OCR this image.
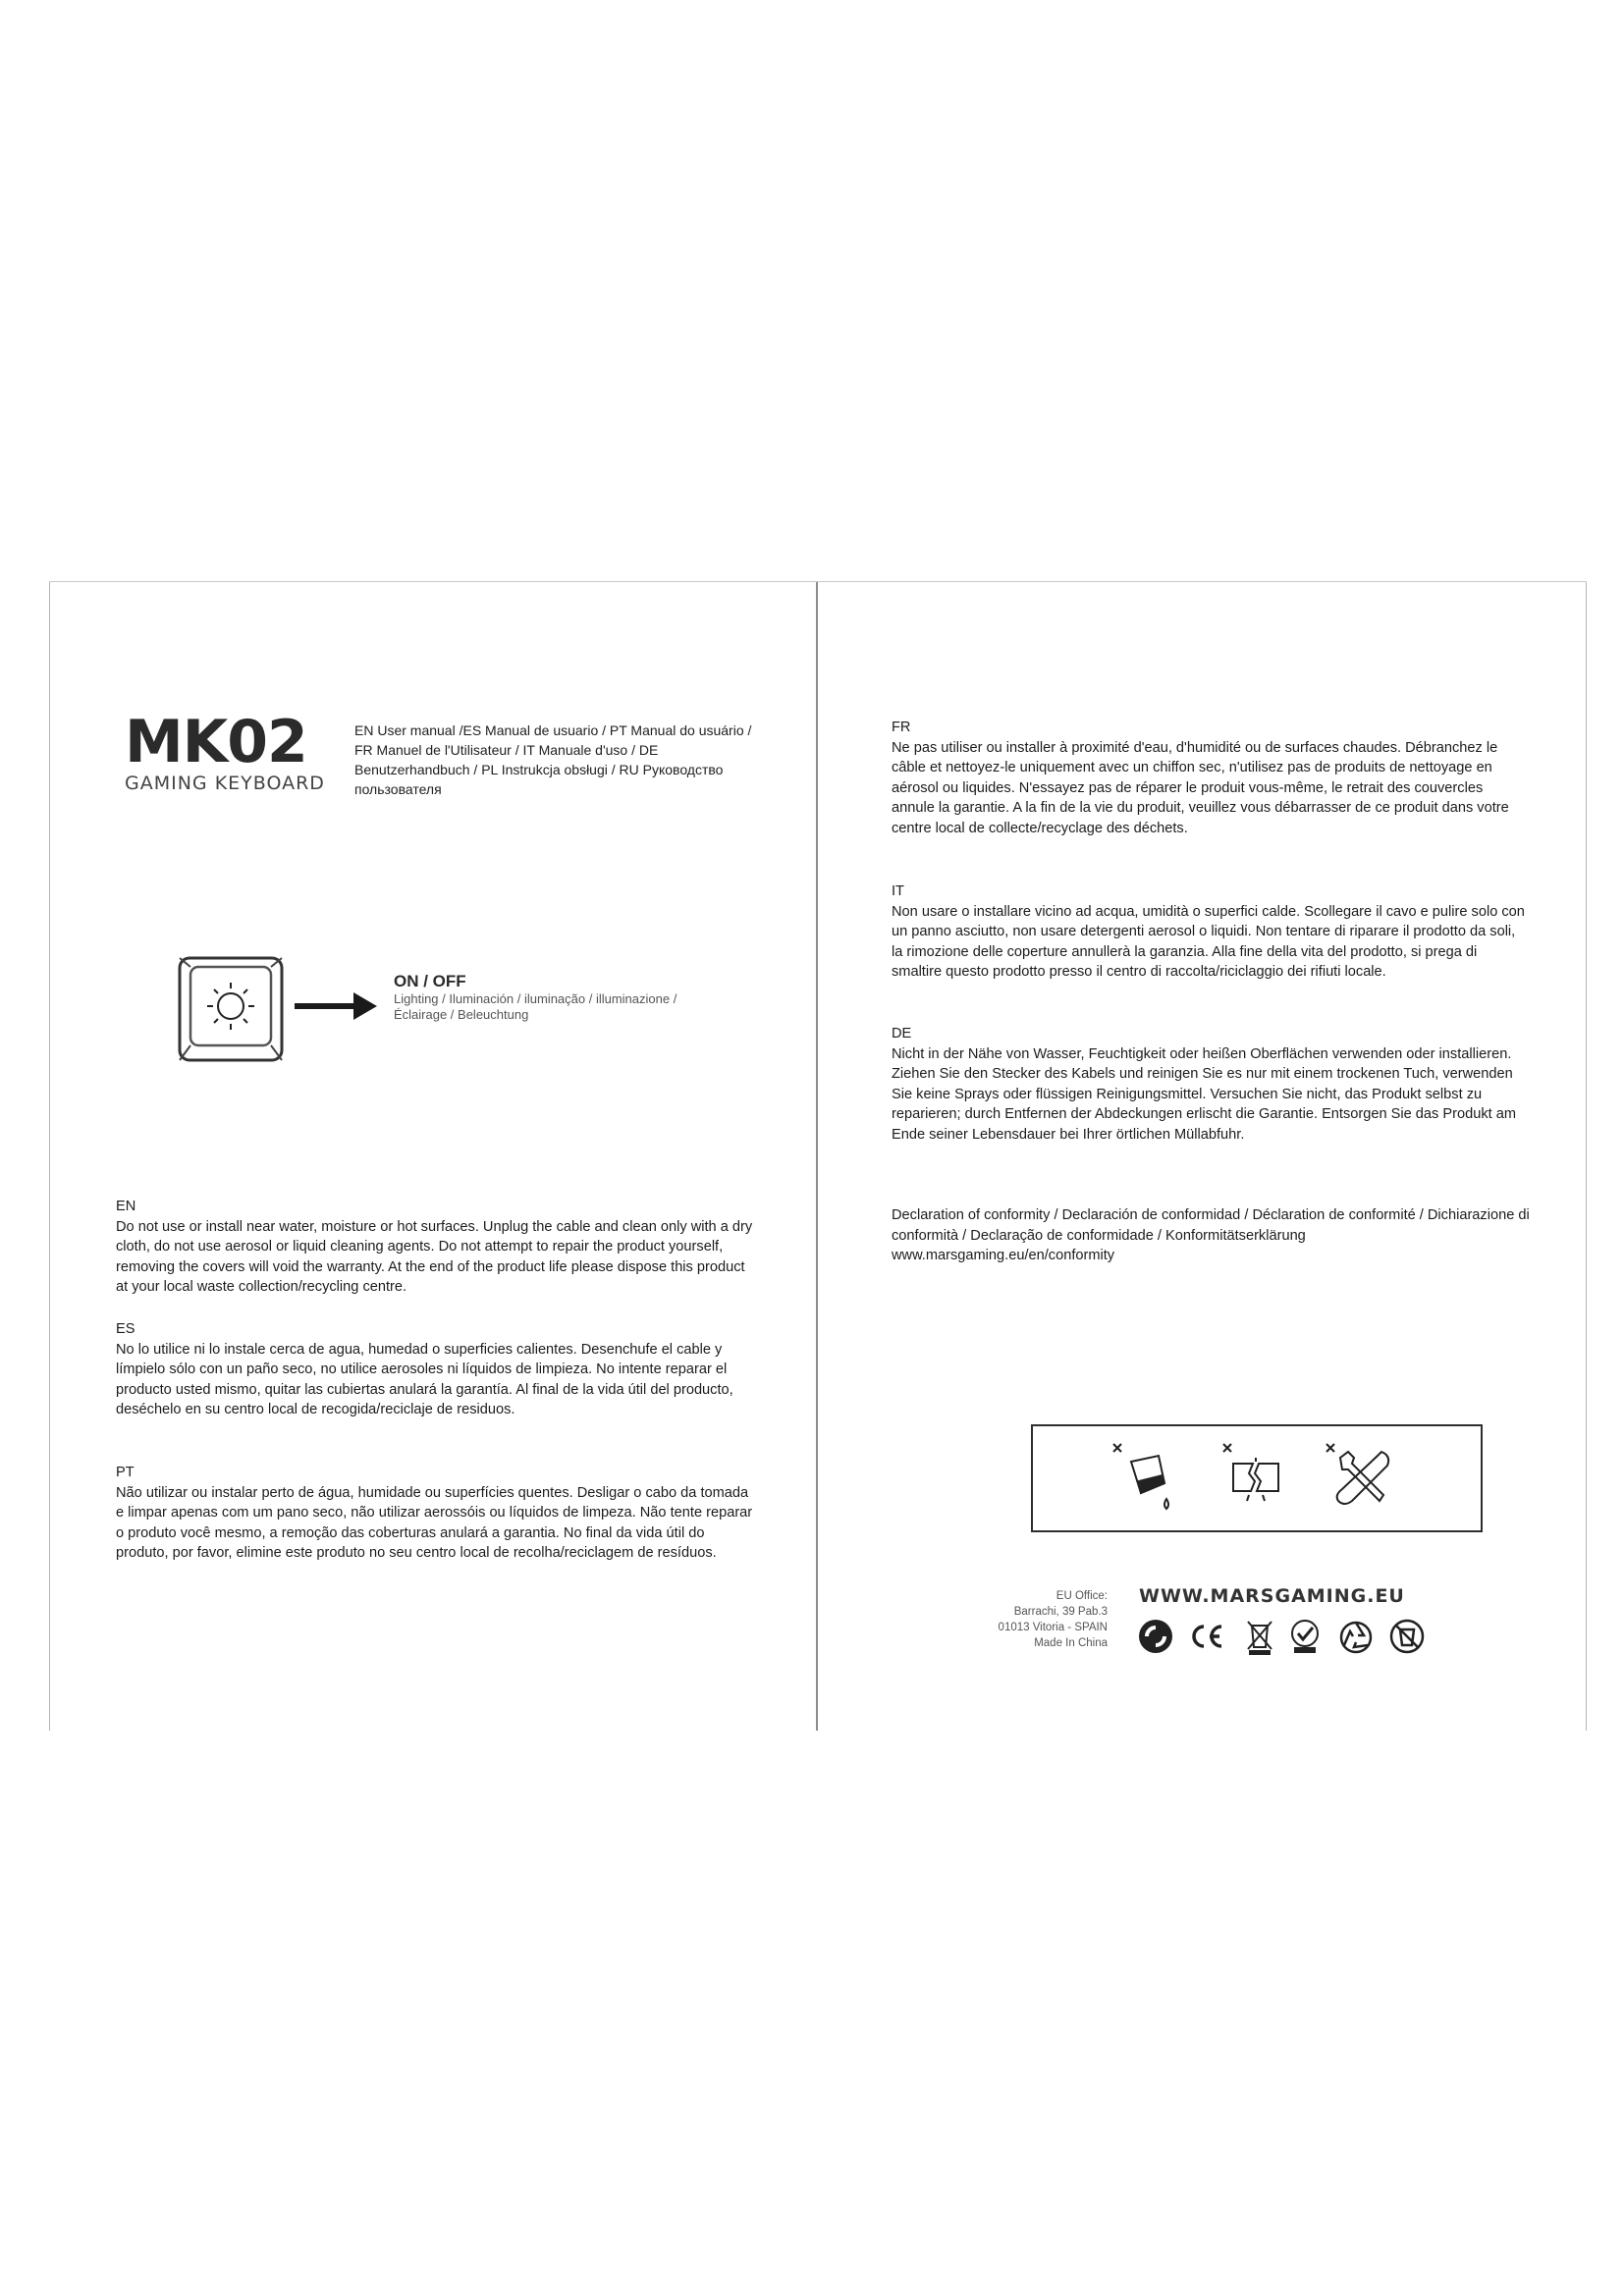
MK02
GAMING KEYBOARD
EN User manual /ES Manual de usuario / PT Manual do usuário / FR Manuel de l'Utilisateur / IT Manuale d'uso / DE Benutzerhandbuch / PL Instrukcja obsługi / RU Руководство пользователя
ON / OFF
Lighting / Iluminación / iluminação / illuminazione / Éclairage / Beleuchtung
EN
Do not use or install near water, moisture or hot surfaces. Unplug the cable and clean only with a dry cloth, do not use aerosol or liquid cleaning agents. Do not attempt to repair the product yourself, removing the covers will void the warranty. At the end of the product life please dispose this product at your local waste collection/recycling centre.
ES
No lo utilice ni lo instale cerca de agua, humedad o superficies calientes. Desenchufe el cable y límpielo sólo con un paño seco, no utilice aerosoles ni líquidos de limpieza. No intente reparar el producto usted mismo, quitar las cubiertas anulará la garantía. Al final de la vida útil del producto, deséchelo en su centro local de recogida/reciclaje de residuos.
PT
Não utilizar ou instalar perto de água, humidade ou superfícies quentes. Desligar o cabo da tomada e limpar apenas com um pano seco, não utilizar aerossóis ou líquidos de limpeza. Não tente reparar o produto você mesmo, a remoção das coberturas anulará a garantia. No final da vida útil do produto, por favor, elimine este produto no seu centro local de recolha/reciclagem de resíduos.
FR
Ne pas utiliser ou installer à proximité d'eau, d'humidité ou de surfaces chaudes. Débranchez le câble et nettoyez-le uniquement avec un chiffon sec, n'utilisez pas de produits de nettoyage en aérosol ou liquides. N'essayez pas de réparer le produit vous-même, le retrait des couvercles annule la garantie. A la fin de la vie du produit, veuillez vous débarrasser de ce produit dans votre centre local de collecte/recyclage des déchets.
IT
Non usare o installare vicino ad acqua, umidità o superfici calde. Scollegare il cavo e pulire solo con un panno asciutto, non usare detergenti aerosol o liquidi. Non tentare di riparare il prodotto da soli, la rimozione delle coperture annullerà la garanzia. Alla fine della vita del prodotto, si prega di smaltire questo prodotto presso il centro di raccolta/riciclaggio dei rifiuti locale.
DE
Nicht in der Nähe von Wasser, Feuchtigkeit oder heißen Oberflächen verwenden oder installieren. Ziehen Sie den Stecker des Kabels und reinigen Sie es nur mit einem trockenen Tuch, verwenden Sie keine Sprays oder flüssigen Reinigungsmittel. Versuchen Sie nicht, das Produkt selbst zu reparieren; durch Entfernen der Abdeckungen erlischt die Garantie. Entsorgen Sie das Produkt am Ende seiner Lebensdauer bei Ihrer örtlichen Müllabfuhr.
Declaration of conformity / Declaración de conformidad / Déclaration de conformité / Dichiarazione di conformità / Declaração de conformidade / Konformitätserklärung
www.marsgaming.eu/en/conformity
EU Office:
Barrachi, 39 Pab.3
01013 Vitoria - SPAIN
Made In China
WWW.MARSGAMING.EU
